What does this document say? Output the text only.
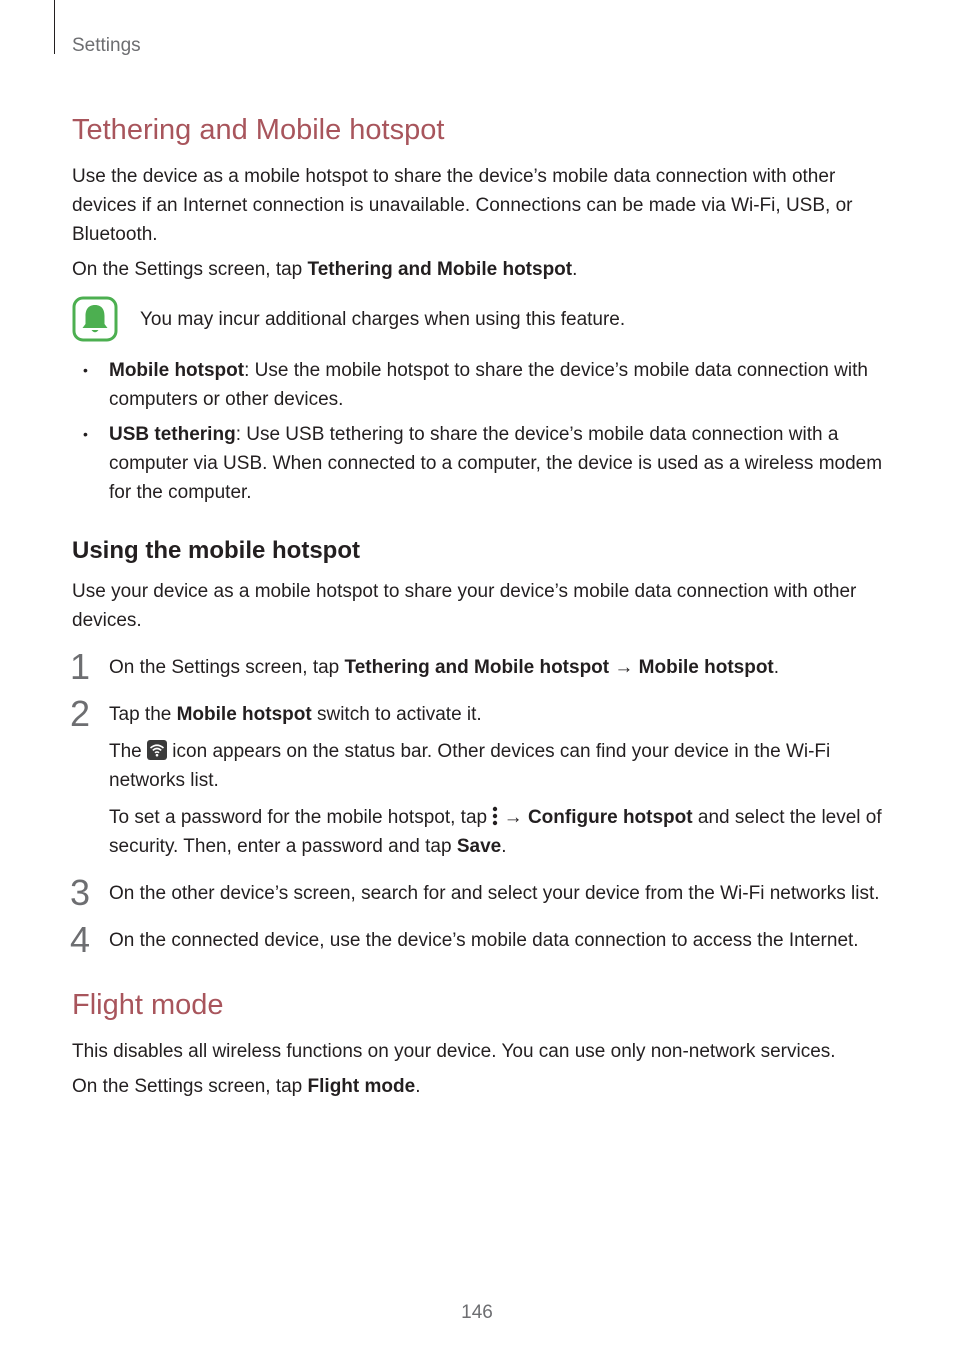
Settings
Tethering and Mobile hotspot

Use the device as a mobile hotspot to share the device’s mobile data connection with other devices if an Internet connection is unavailable. Connections can be made via Wi-Fi, USB, or Bluetooth.

On the Settings screen, tap Tethering and Mobile hotspot.

You may incur additional charges when using this feature.
• Mobile hotspot: Use the mobile hotspot to share the device’s mobile data connection with computers or other devices.
• USB tethering: Use USB tethering to share the device’s mobile data connection with a computer via USB. When connected to a computer, the device is used as a wireless modem for the computer.
Using the mobile hotspot

Use your device as a mobile hotspot to share your device’s mobile data connection with other devices.

1 On the Settings screen, tap Tethering and Mobile hotspot → Mobile hotspot.

2 Tap the Mobile hotspot switch to activate it.

The  icon appears on the status bar. Other devices can find your device in the Wi-Fi networks list.

To set a password for the mobile hotspot, tap  → Configure hotspot and select the level of security. Then, enter a password and tap Save.

3 On the other device’s screen, search for and select your device from the Wi-Fi networks list.

4 On the connected device, use the device’s mobile data connection to access the Internet.

Flight mode

This disables all wireless functions on your device. You can use only non-network services.

On the Settings screen, tap Flight mode.

146
